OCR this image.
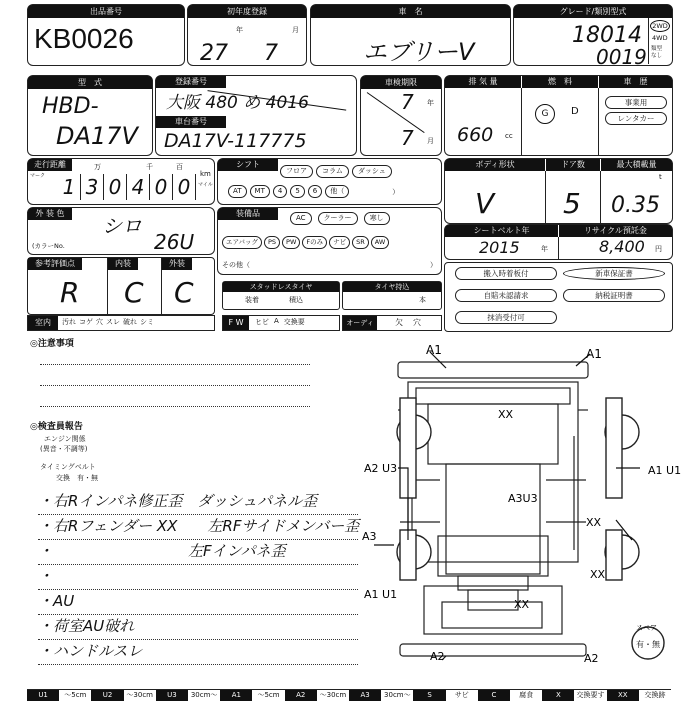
出品番号
KB0026
初年度登録
年	月
27 7
車　名
エブリーV
グレード/類別型式
18014
0019
2WD
4WD
類型
なし
型　式
HBD-
DA17V
登録番号
大阪 480 め 4016
車台番号
DA17V-117775
車検期限
年
月
7
7
排 気 量	燃　料	車　歴
660 cc
G	D
事業用
レンタカー
走行距離
マーク
万	千	百
km
マイル
1 3 0 4 0 0
シフト
フロア	コラム	ダッシュ
AT	MT	4	5	6	他（	）
ボディ形状	ドア数	最大積載量
V 5
t
0.35
外 装 色
シロ
(カラーNo.	26U
装備品	AC	クーラー	寒し
エアバッグ	PS	PW	Fのみ	ナビ	SR	AW
その他（	）
シートベルト年	リサイクル預託金
2015	年	8,400 円
搬入時着板付	新車保証書
自賠未認請求	納税証明書
抹消受付可
参考評価点	内装	外装
R C C	スタッドレスタイヤ
装着	積込
タイヤ持込
本
室内	汚れ コゲ 穴 スレ 破れ シミ	F W	ヒビ A 交換要	オーディオ
欠 穴
◎注意事項
◎検査員報告
エンジン関係
(異音・不調等)
タイミングベルト
交換　有・無
・右Rインパネ修正歪　ダッシュパネル歪
・右Rフェンダー XX　　左RFサイドメンバー歪
・　　　　　　　　　左Fインパネ歪
・
・AU
・荷室AU破れ
・ハンドルスレ
A1	A1
XX
A2 U3	A1 U1
A3U3
XX
A3
XX
A1 U1
XX
A2	A2
スペア
有・無
U1	～5cm	U2	～30cm	U3	30cm～	A1	～5cm	A2	～30cm	A3	30cm～	S	サビ	C	腐食	X	交換要す	XX	交換跡
